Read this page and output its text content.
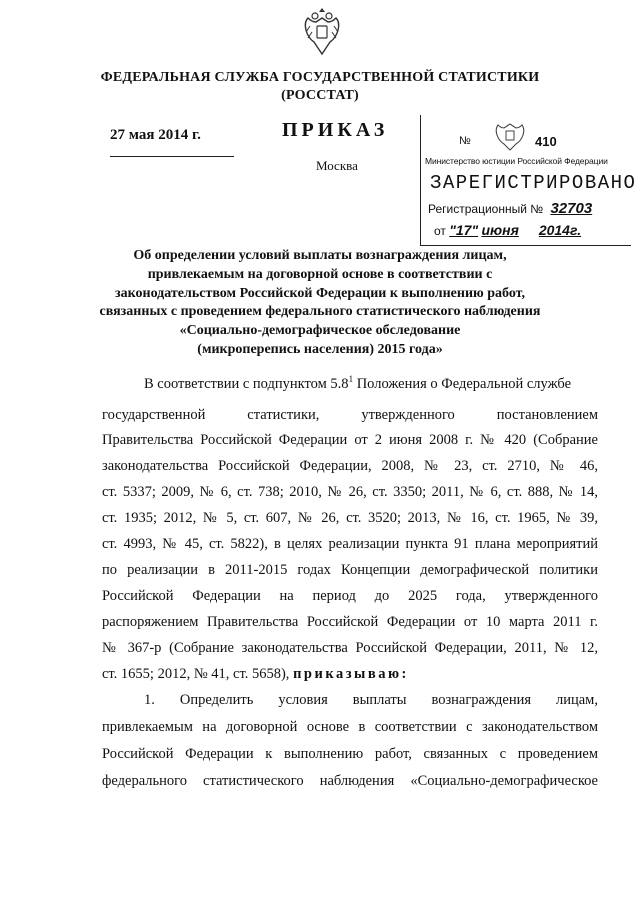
ФЕДЕРАЛЬНАЯ СЛУЖБА ГОСУДАРСТВЕННОЙ СТАТИСТИКИ
(РОССТАТ)
27 мая 2014 г.	ПРИКАЗ
Москва
№ 410
Министерство юстиции Российской Федерации
ЗАРЕГИСТРИРОВАНО
Регистрационный № 32703
от "17" июня 2014г.
Об определении условий выплаты вознаграждения лицам,
привлекаемым на договорной основе в соответствии с
законодательством Российской Федерации к выполнению работ,
связанных с проведением федерального статистического наблюдения
«Социально-демографическое обследование
(микроперепись населения) 2015 года»
В соответствии с подпунктом $5.8^1$ Положения о Федеральной службе
государственной статистики, утвержденного постановлением
Правительства Российской Федерации от 2 июня 2008 г. № 420 (Собрание
законодательства Российской Федерации, 2008, № 23, ст. 2710, № 46,
ст. 5337; 2009, № 6, ст. 738; 2010, № 26, ст. 3350; 2011, № 6, ст. 888, № 14,
ст. 1935; 2012, № 5, ст. 607, № 26, ст. 3520; 2013, № 16, ст. 1965, № 39,
ст. 4993, № 45, ст. 5822), в целях реализации пункта 91 плана мероприятий
по реализации в 2011-2015 годах Концепции демографической политики
Российской Федерации на период до 2025 года, утвержденного
распоряжением Правительства Российской Федерации от 10 марта 2011 г.
№ 367-р (Собрание законодательства Российской Федерации, 2011, № 12,
ст. 1655; 2012, № 41, ст. 5658), приказываю:
1. Определить условия выплаты вознаграждения лицам,
привлекаемым на договорной основе в соответствии с законодательством
Российской Федерации к выполнению работ, связанных с проведением
федерального статистического наблюдения «Социально-демографическое
